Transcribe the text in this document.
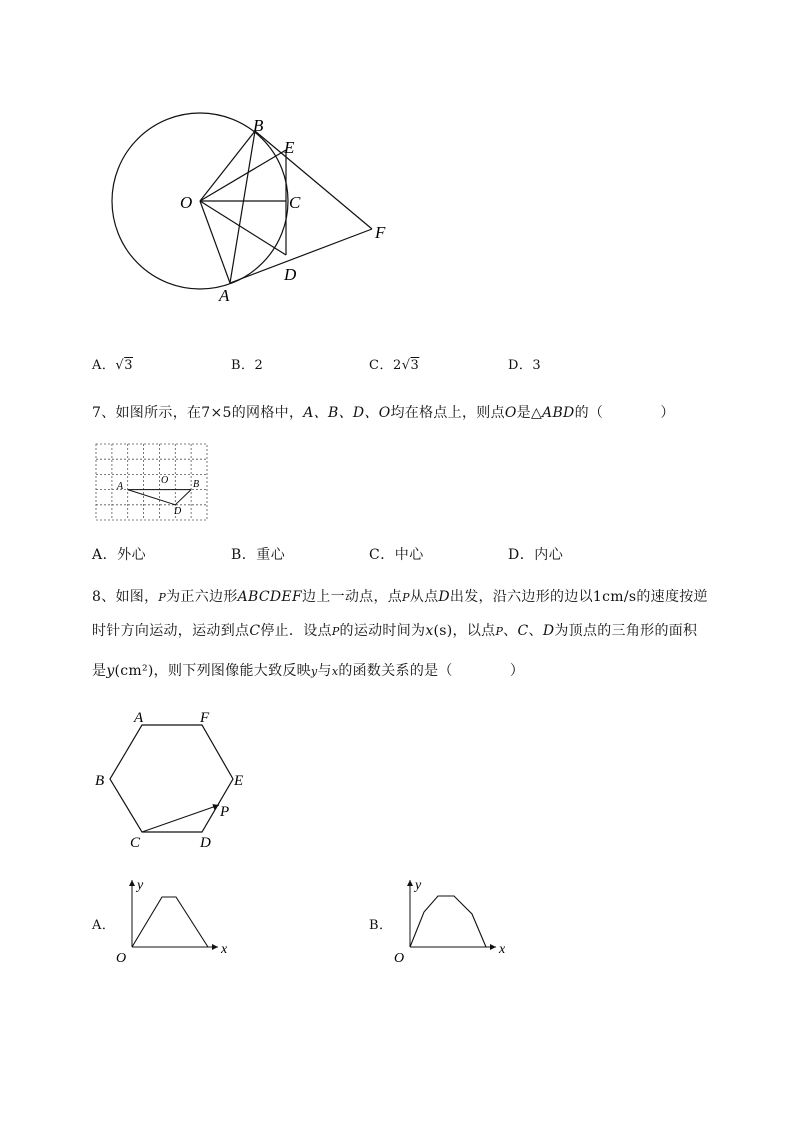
B
E
O	C
F
D
A
A．√3	B．2	C．2√3	D．3
7、如图所示，在7×5的网格中，A、B、D、O均在格点上，则点O是△ABD的（　　　　）
A
O B
D
A．外心	B．重心	C．中心	D．内心
8、如图，P为正六边形ABCDEF边上一动点，点P从点D出发，沿六边形的边以1cm/s的速度按逆
时针方向运动，运动到点C停止．设点P的运动时间为x(s)，以点P、C、D为顶点的三角形的面积
是y(cm²)，则下列图像能大致反映y与x的函数关系的是（　　　　）
A	F
B	E
P
C	D
A．
y
x
O
B．
y
x
O
